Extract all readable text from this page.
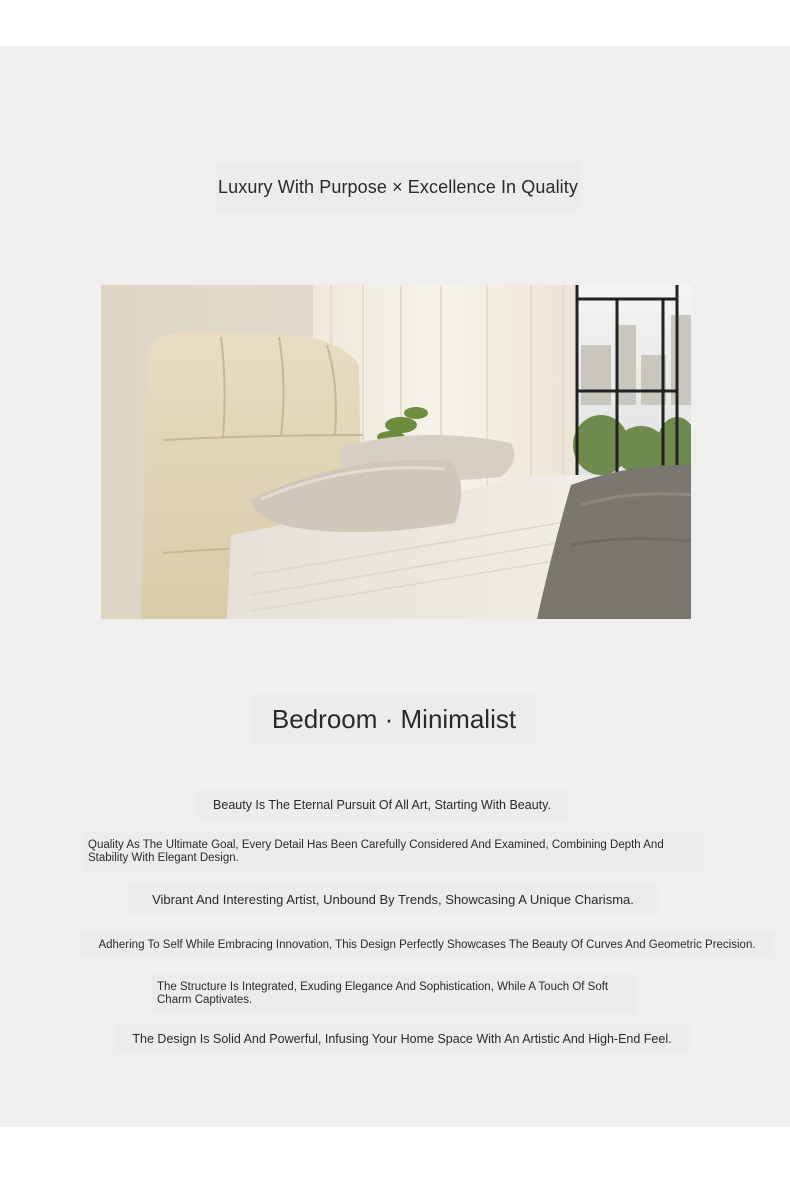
Luxury With Purpose × Excellence In Quality
Bedroom · Minimalist
Beauty Is The Eternal Pursuit Of All Art, Starting With Beauty.
Quality As The Ultimate Goal, Every Detail Has Been Carefully Considered And Examined, Combining Depth And Stability With Elegant Design.
Vibrant And Interesting Artist, Unbound By Trends, Showcasing A Unique Charisma.
Adhering To Self While Embracing Innovation, This Design Perfectly Showcases The Beauty Of Curves And Geometric Precision.
The Structure Is Integrated, Exuding Elegance And Sophistication, While A Touch Of Soft Charm Captivates.
The Design Is Solid And Powerful, Infusing Your Home Space With An Artistic And High-End Feel.
